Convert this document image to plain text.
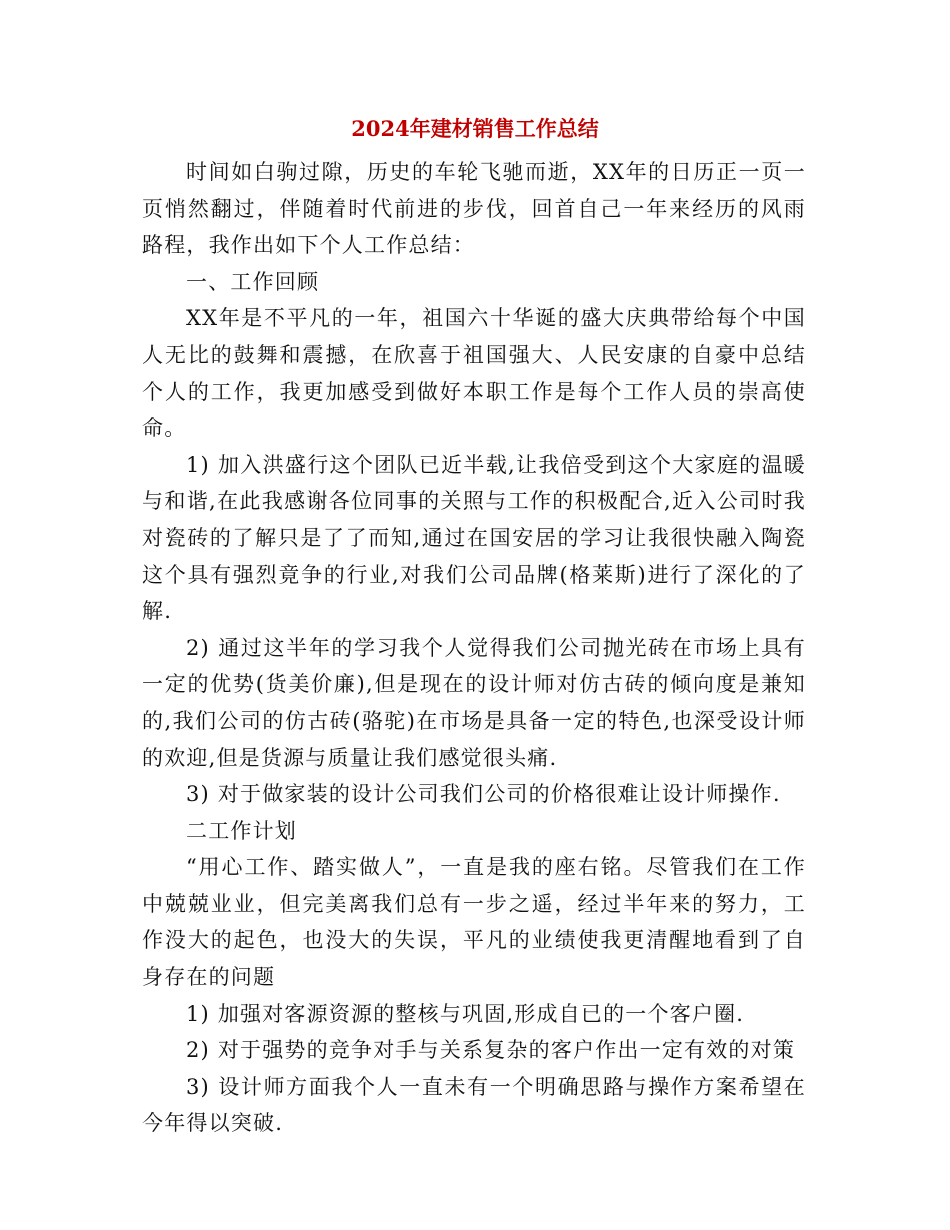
2024年建材销售工作总结

时间如白驹过隙，历史的车轮飞驰而逝，XX年的日历正一页一页悄然翻过，伴随着时代前进的步伐，回首自己一年来经历的风雨路程，我作出如下个人工作总结：

一、工作回顾

XX年是不平凡的一年，祖国六十华诞的盛大庆典带给每个中国人无比的鼓舞和震撼，在欣喜于祖国强大、人民安康的自豪中总结个人的工作，我更加感受到做好本职工作是每个工作人员的崇高使命。

1) 加入洪盛行这个团队已近半载,让我倍受到这个大家庭的温暖与和谐,在此我感谢各位同事的关照与工作的积极配合,近入公司时我对瓷砖的了解只是了了而知,通过在国安居的学习让我很快融入陶瓷这个具有强烈竟争的行业,对我们公司品牌(格莱斯)进行了深化的了解.

2) 通过这半年的学习我个人觉得我们公司抛光砖在市场上具有一定的优势(货美价廉),但是现在的设计师对仿古砖的倾向度是兼知的,我们公司的仿古砖(骆驼)在市场是具备一定的特色,也深受设计师的欢迎,但是货源与质量让我们感觉很头痛.

3) 对于做家装的设计公司我们公司的价格很难让设计师操作.

二工作计划

“用心工作、踏实做人”，一直是我的座右铭。尽管我们在工作中兢兢业业，但完美离我们总有一步之遥，经过半年来的努力，工作没大的起色，也没大的失误，平凡的业绩使我更清醒地看到了自身存在的问题

1) 加强对客源资源的整核与巩固,形成自已的一个客户圈.

2) 对于强势的竞争对手与关系复杂的客户作出一定有效的对策

3) 设计师方面我个人一直未有一个明确思路与操作方案希望在今年得以突破.
